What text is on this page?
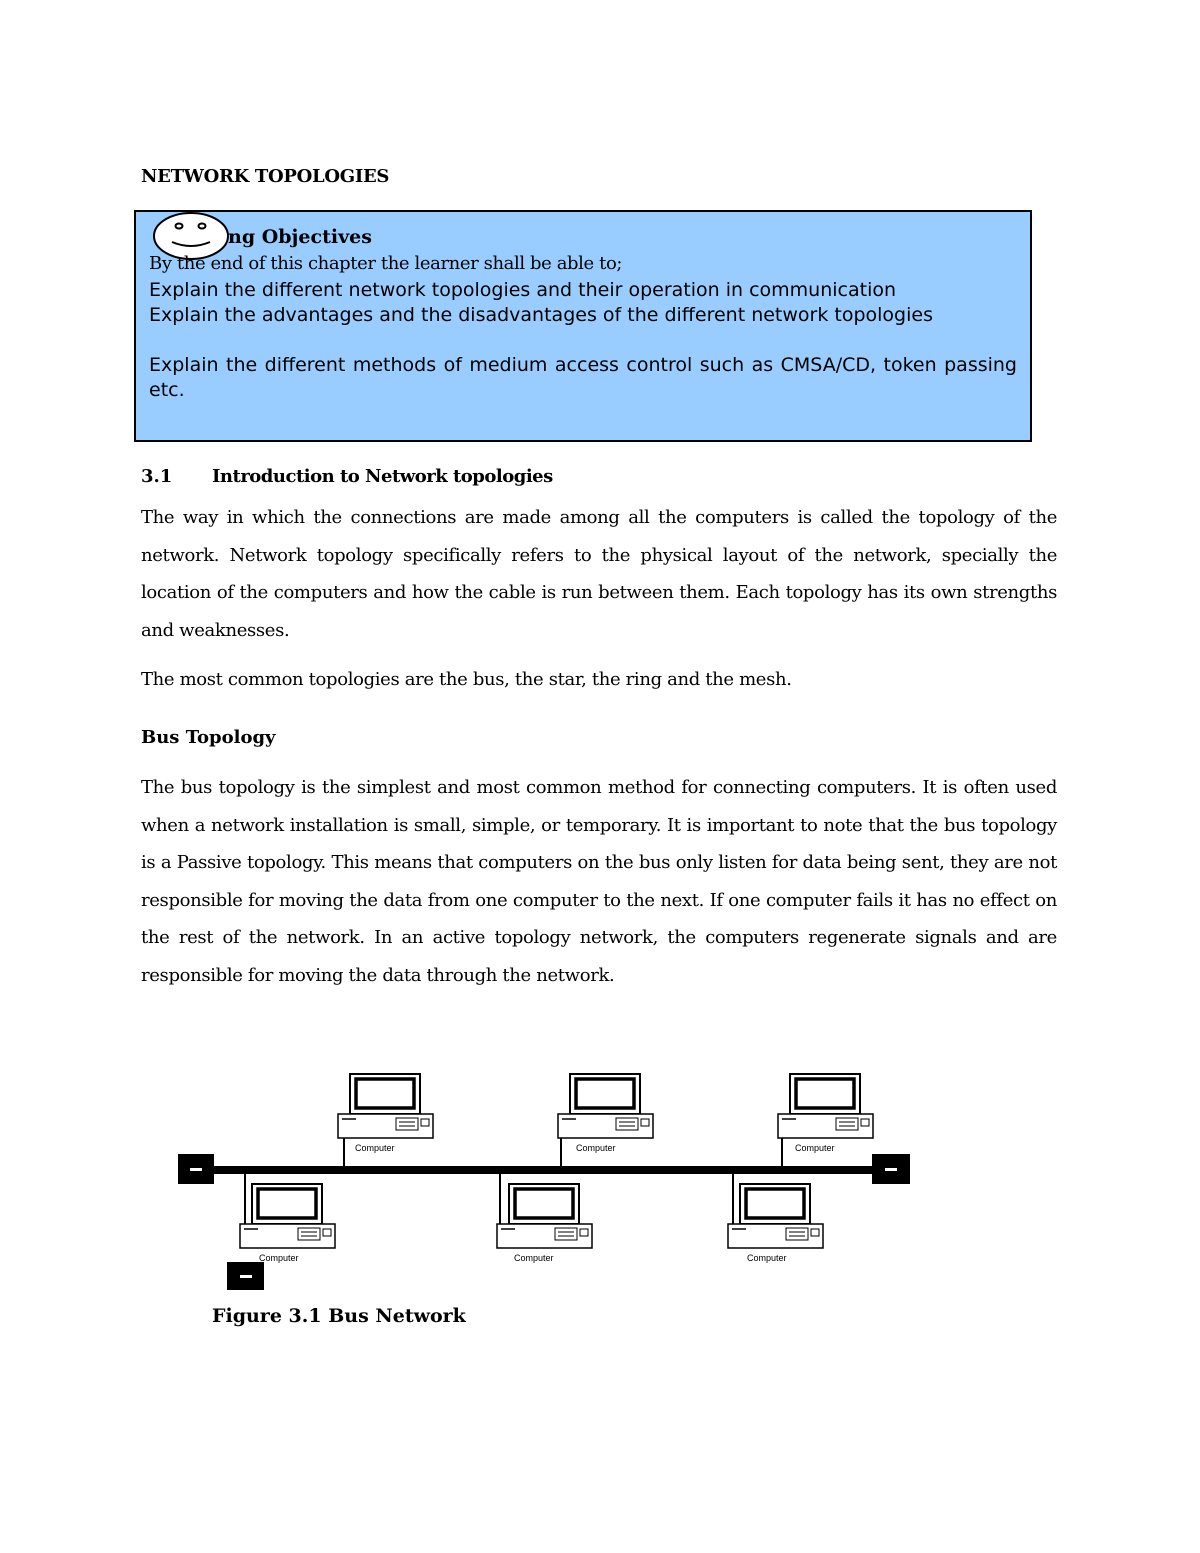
NETWORK TOPOLOGIES
ng Objectives
By the end of this chapter the learner shall be able to;
Explain the different network topologies and their operation in communication
Explain the advantages and the disadvantages of the different network topologies
Explain the different methods of medium access control such as CMSA/CD, token passing etc.
3.1 Introduction to Network topologies
The way in which the connections are made among all the computers is called the topology of the network. Network topology specifically refers to the physical layout of the network, specially the location of the computers and how the cable is run between them. Each topology has its own strengths and weaknesses.
The most common topologies are the bus, the star, the ring and the mesh.
Bus Topology
The bus topology is the simplest and most common method for connecting computers. It is often used when a network installation is small, simple, or temporary. It is important to note that the bus topology is a Passive topology. This means that computers on the bus only listen for data being sent, they are not responsible for moving the data from one computer to the next. If one computer fails it has no effect on the rest of the network. In an active topology network, the computers regenerate signals and are responsible for moving the data through the network.
Computer	Computer	Computer
Computer	Computer	Computer
Figure 3.1 Bus Network
